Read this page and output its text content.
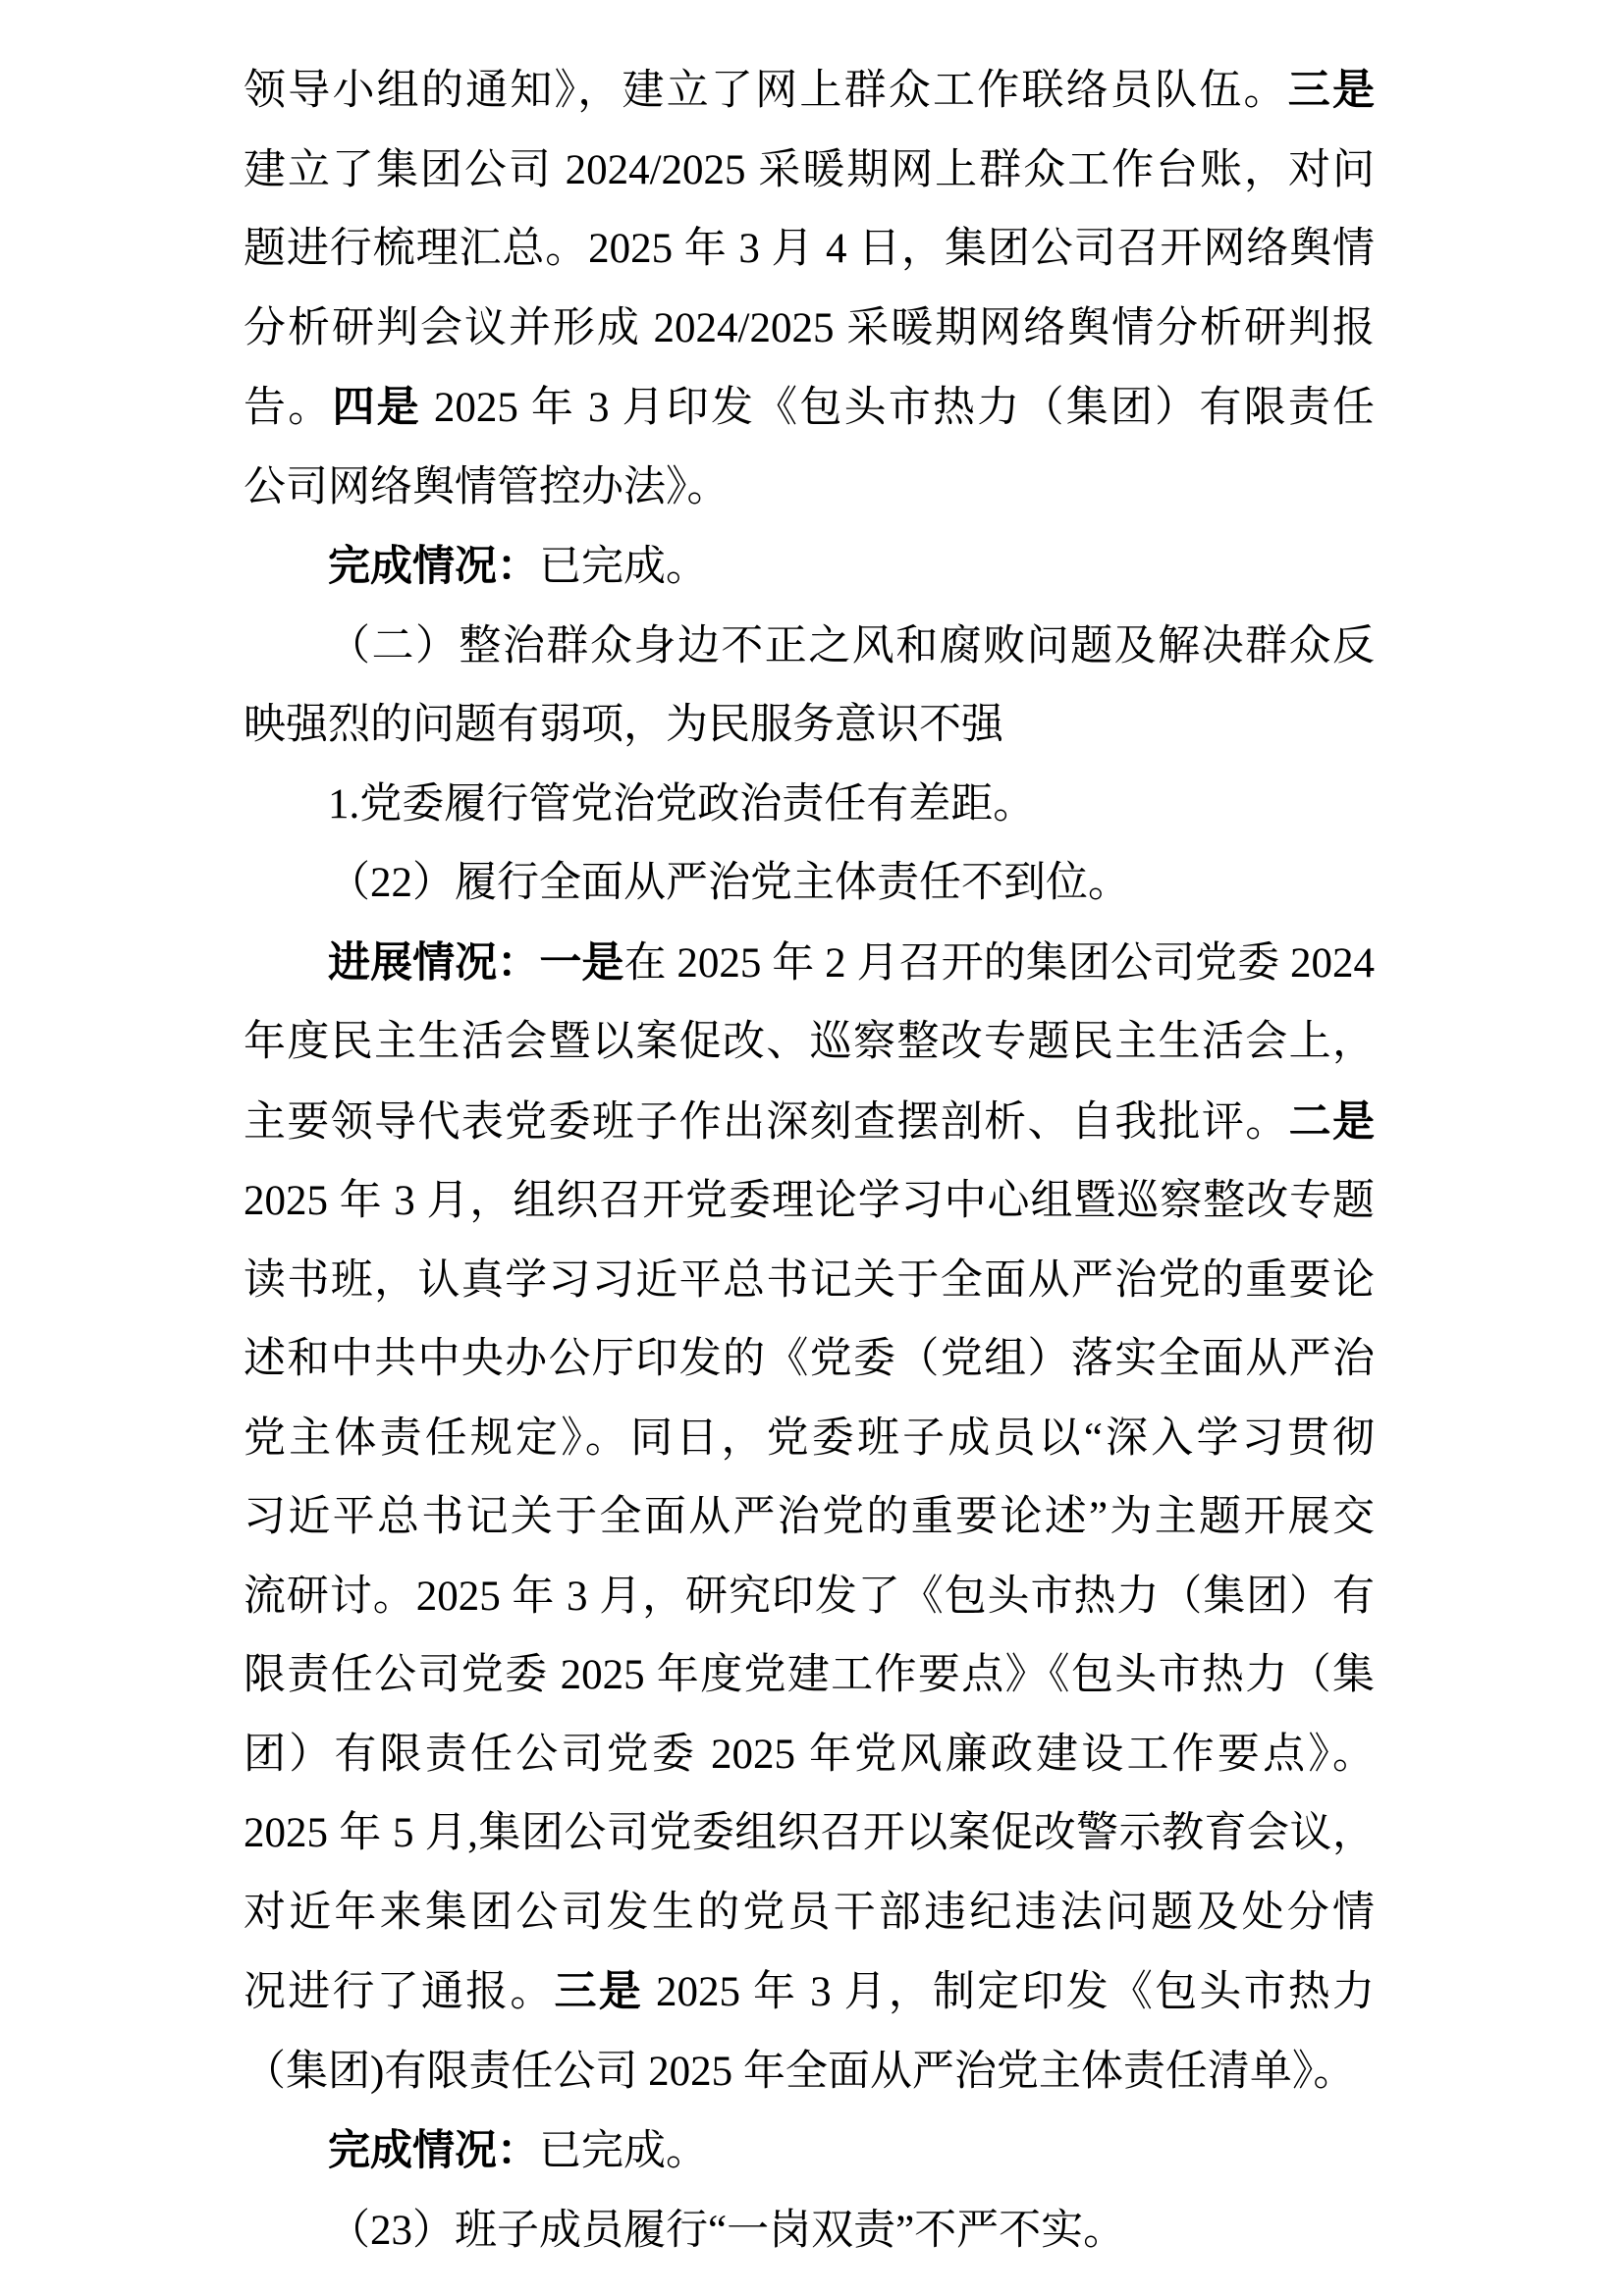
领导小组的通知》，建立了网上群众工作联络员队伍。三是
建立了集团公司 2024/2025 采暖期网上群众工作台账，对问
题进行梳理汇总。2025 年 3 月 4 日，集团公司召开网络舆情
分析研判会议并形成 2024/2025 采暖期网络舆情分析研判报
告。四是 2025 年 3 月印发《包头市热力（集团）有限责任
公司网络舆情管控办法》。
完成情况：已完成。
（二）整治群众身边不正之风和腐败问题及解决群众反
映强烈的问题有弱项，为民服务意识不强
1.党委履行管党治党政治责任有差距。
（22）履行全面从严治党主体责任不到位。
进展情况：一是在 2025 年 2 月召开的集团公司党委 2024
年度民主生活会暨以案促改、巡察整改专题民主生活会上，
主要领导代表党委班子作出深刻查摆剖析、自我批评。二是
2025 年 3 月，组织召开党委理论学习中心组暨巡察整改专题
读书班，认真学习习近平总书记关于全面从严治党的重要论
述和中共中央办公厅印发的《党委（党组）落实全面从严治
党主体责任规定》。同日，党委班子成员以“深入学习贯彻
习近平总书记关于全面从严治党的重要论述”为主题开展交
流研讨。2025 年 3 月，研究印发了《包头市热力（集团）有
限责任公司党委 2025 年度党建工作要点》《包头市热力（集
团）有限责任公司党委 2025 年党风廉政建设工作要点》。
2025 年 5 月,集团公司党委组织召开以案促改警示教育会议，
对近年来集团公司发生的党员干部违纪违法问题及处分情
况进行了通报。三是 2025 年 3 月，制定印发《包头市热力
（集团)有限责任公司 2025 年全面从严治党主体责任清单》。
完成情况：已完成。
（23）班子成员履行“一岗双责”不严不实。
